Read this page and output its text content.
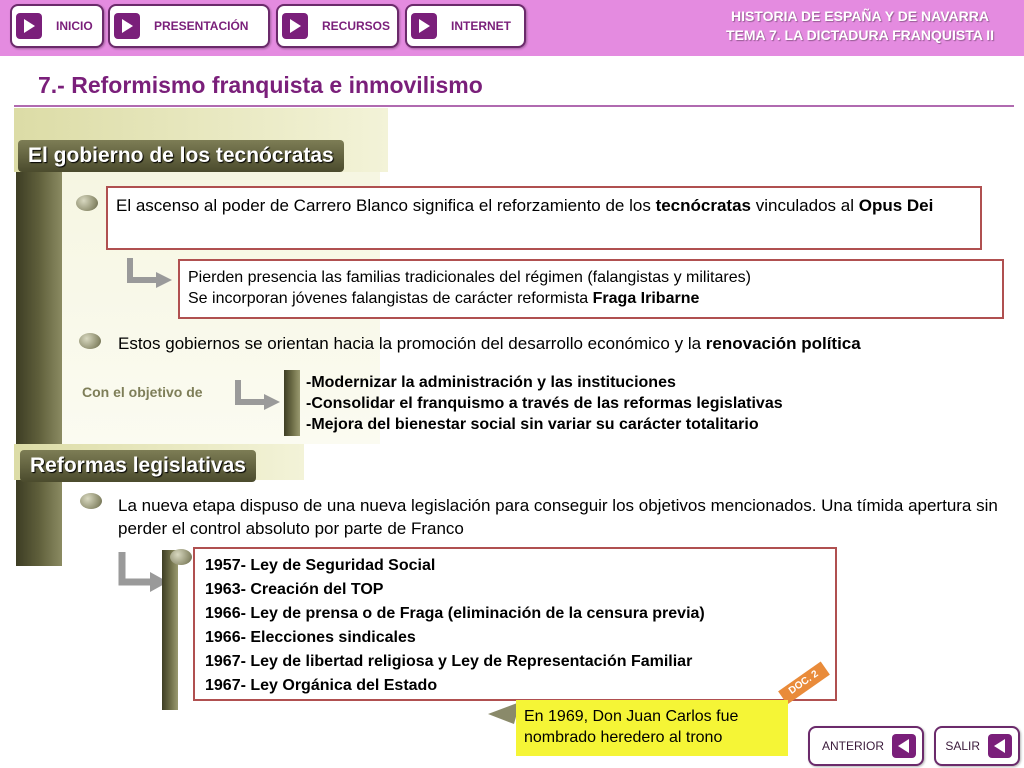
INICIO	PRESENTACIÓN	RECURSOS	INTERNET
HISTORIA DE ESPAÑA Y DE NAVARRA
TEMA 7. LA DICTADURA FRANQUISTA II
7.- Reformismo franquista e inmovilismo
El gobierno de los tecnócratas
El ascenso al poder de Carrero Blanco significa el reforzamiento de los tecnócratas vinculados al Opus Dei
Pierden presencia las familias tradicionales del régimen (falangistas y militares)
Se incorporan jóvenes falangistas de carácter reformista Fraga Iribarne
Estos gobiernos se orientan hacia la promoción del desarrollo económico y la renovación política
Con el objetivo de
-Modernizar la administración y las instituciones
-Consolidar el franquismo a través de las reformas legislativas
-Mejora del bienestar social sin variar su carácter totalitario
Reformas legislativas
La nueva etapa dispuso de una nueva legislación para conseguir los objetivos mencionados. Una tímida apertura sin perder el control absoluto por parte de Franco
1957- Ley de Seguridad Social
1963- Creación del TOP
1966- Ley de prensa o de Fraga (eliminación de la censura previa)
1966- Elecciones sindicales
1967- Ley de libertad religiosa y Ley de Representación Familiar
1967- Ley Orgánica del Estado	DOC. 2
En 1969, Don Juan Carlos fue nombrado heredero al trono	ANTERIOR	SALIR
